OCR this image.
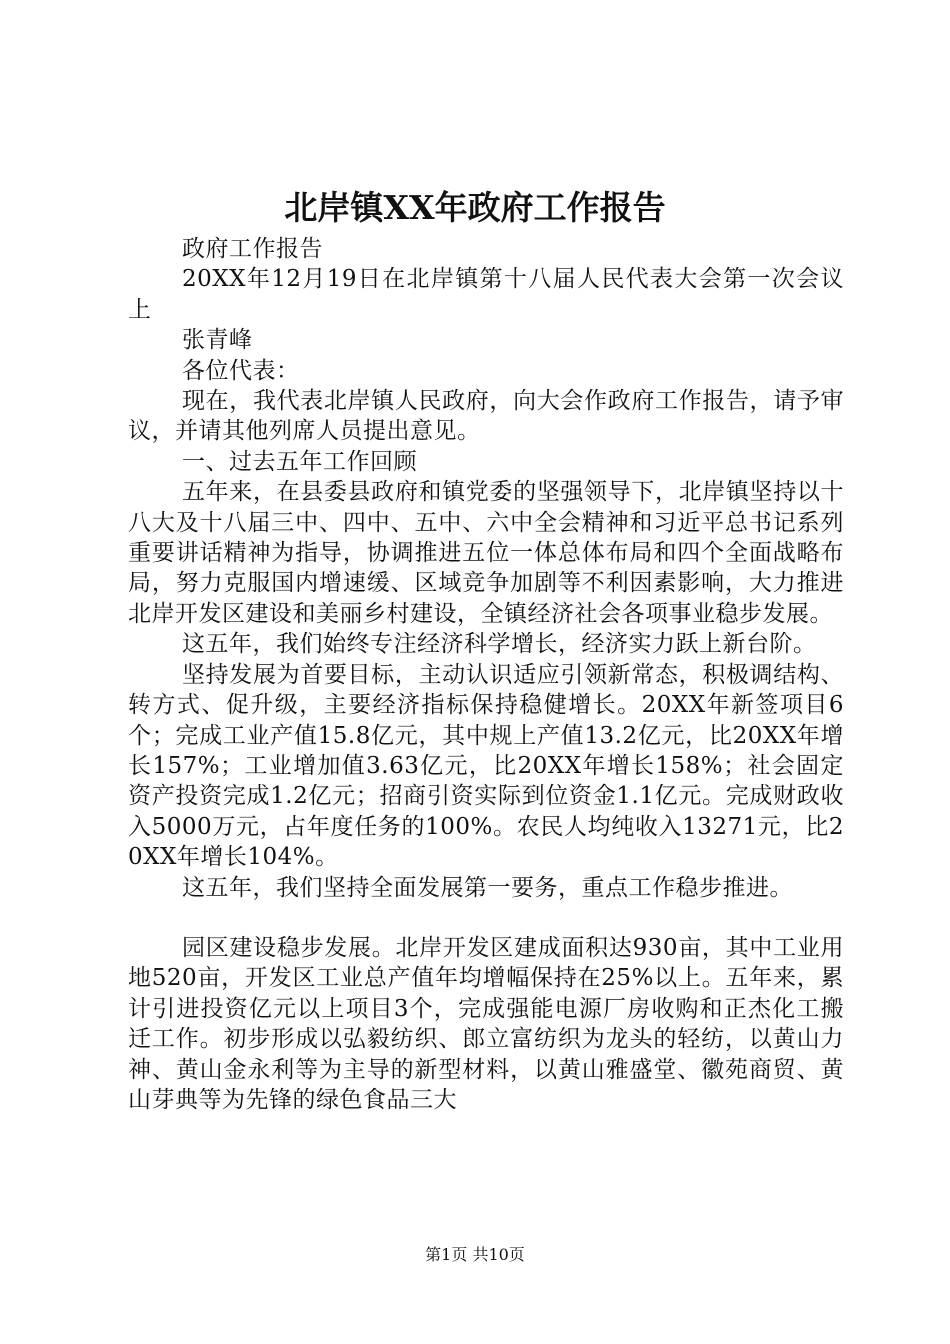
北岸镇XX年政府工作报告

政府工作报告

20XX年12月19日在北岸镇第十八届人民代表大会第一次会议上

张青峰

各位代表：

现在，我代表北岸镇人民政府，向大会作政府工作报告，请予审议，并请其他列席人员提出意见。

一、过去五年工作回顾

五年来，在县委县政府和镇党委的坚强领导下，北岸镇坚持以十八大及十八届三中、四中、五中、六中全会精神和习近平总书记系列重要讲话精神为指导，协调推进五位一体总体布局和四个全面战略布局，努力克服国内增速缓、区域竞争加剧等不利因素影响，大力推进北岸开发区建设和美丽乡村建设，全镇经济社会各项事业稳步发展。

这五年，我们始终专注经济科学增长，经济实力跃上新台阶。

坚持发展为首要目标，主动认识适应引领新常态，积极调结构、转方式、促升级，主要经济指标保持稳健增长。20XX年新签项目6个；完成工业产值15.8亿元，其中规上产值13.2亿元，比20XX年增长157%；工业增加值3.63亿元，比20XX年增长158%；社会固定资产投资完成1.2亿元；招商引资实际到位资金1.1亿元。完成财政收入5000万元，占年度任务的100%。农民人均纯收入13271元，比20XX年增长104%。

这五年，我们坚持全面发展第一要务，重点工作稳步推进。

园区建设稳步发展。北岸开发区建成面积达930亩，其中工业用地520亩，开发区工业总产值年均增幅保持在25%以上。五年来，累计引进投资亿元以上项目3个，完成强能电源厂房收购和正杰化工搬迁工作。初步形成以弘毅纺织、郎立富纺织为龙头的轻纺，以黄山力神、黄山金永利等为主导的新型材料，以黄山雅盛堂、徽苑商贸、黄山芽典等为先锋的绿色食品三大

第1页 共10页
